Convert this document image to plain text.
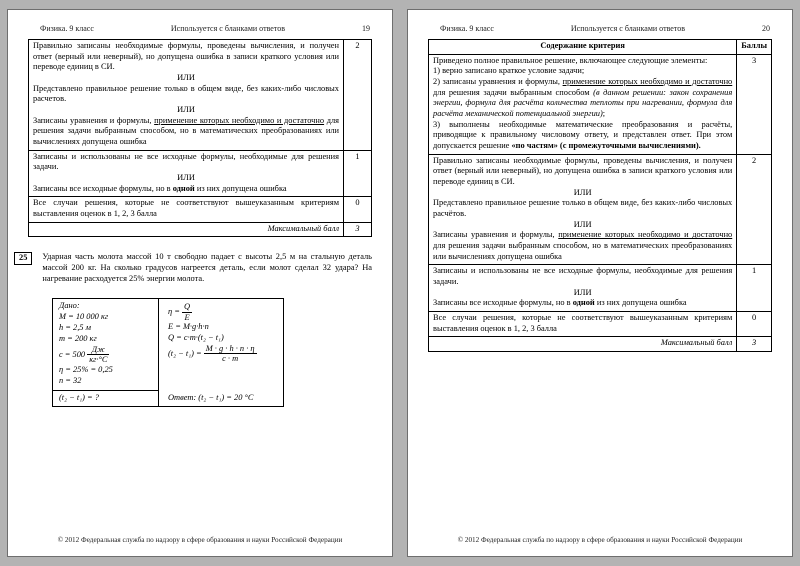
Физика. 9 класс	Используется с бланками ответов	19
Правильно записаны необходимые формулы, проведены вычисления, и получен ответ (верный или неверный), но допущена ошибка в записи краткого условия или переводе единиц в СИ.
ИЛИ
Представлено правильное решение только в общем виде, без каких-либо числовых расчетов.
ИЛИ
Записаны уравнения и формулы, применение которых необходимо и достаточно для решения задачи выбранным способом, но в математических преобразованиях или вычислениях допущена ошибка	2

Записаны и использованы не все исходные формулы, необходимые для решения задачи.
ИЛИ
Записаны все исходные формулы, но в одной из них допущена ошибка	1

Все случаи решения, которые не соответствуют вышеуказанным критериям выставления оценок в 1, 2, 3 балла	0
Максимальный балл	3
25	Ударная часть молота массой 10 т свободно падает с высоты 2,5 м на стальную деталь массой 200 кг. На сколько градусов нагреется деталь, если молот сделал 32 удара? На нагревание расходуется 25% энергии молота.
Дано:
M = 10 000 кг
h = 2,5 м
m = 200 кг
$c = 500 \frac{Дж}{кг\cdot^\circ С}$
η = 25% = 0,25
n = 32
(t₂ − t₁) = ?
$\eta = \frac{Q}{E}$
E = M·g·h·n
Q = c·m·(t₂ − t₁)
$(t_2 - t_1) = \frac{M \cdot g \cdot h \cdot n \cdot \eta}{c \cdot m}$
Ответ: (t₂ − t₁) = 20 °С
© 2012 Федеральная служба по надзору в сфере образования и науки Российской Федерации
Физика. 9 класс	Используется с бланками ответов	20
Содержание критерия	Баллы

Приведено полное правильное решение, включающее следующие элементы:
1) верно записано краткое условие задачи;
2) записаны уравнения и формулы, применение которых необходимо и достаточно для решения задачи выбранным способом (в данном решении: закон сохранения энергии, формула для расчёта количества теплоты при нагревании, формула для расчёта механической потенциальной энергии);
3) выполнены необходимые математические преобразования и расчёты, приводящие к правильному числовому ответу, и представлен ответ. При этом допускается решение «по частям» (с промежуточными вычислениями).	3

Правильно записаны необходимые формулы, проведены вычисления, и получен ответ (верный или неверный), но допущена ошибка в записи краткого условия или переводе единиц в СИ.
ИЛИ
Представлено правильное решение только в общем виде, без каких-либо числовых расчётов.
ИЛИ
Записаны уравнения и формулы, применение которых необходимо и достаточно для решения задачи выбранным способом, но в математических преобразованиях или вычислениях допущена ошибка	2

Записаны и использованы не все исходные формулы, необходимые для решения задачи.
ИЛИ
Записаны все исходные формулы, но в одной из них допущена ошибка	1

Все случаи решения, которые не соответствуют вышеуказанным критериям выставления оценок в 1, 2, 3 балла	0
Максимальный балл	3
© 2012 Федеральная служба по надзору в сфере образования и науки Российской Федерации
